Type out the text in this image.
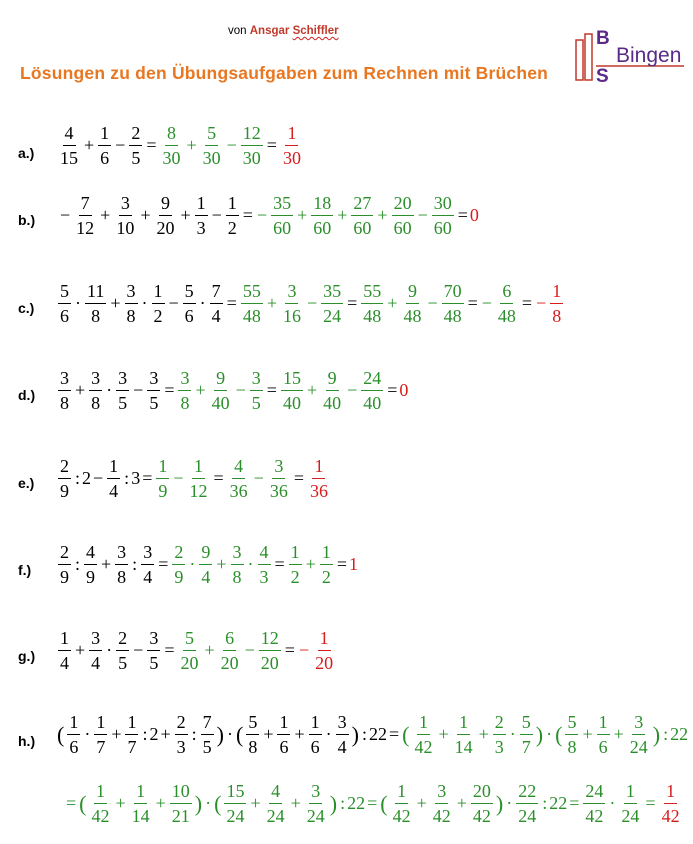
von Ansgar Schiffler
Lösungen zu den Übungsaufgaben zum Rechnen mit Brüchen
B
S
Bingen
$a.) \frac{4}{15} + \frac{1}{6} - \frac{2}{5} = \frac{8}{30} + \frac{5}{30} - \frac{12}{30} = \frac{1}{30}$
$b.) - \frac{7}{12} + \frac{3}{10} + \frac{9}{20} + \frac{1}{3} - \frac{1}{2}$ = − $\frac{35}{60} + \frac{18}{60} + \frac{27}{60} + \frac{20}{60} - \frac{30}{60} = 0$
$c.) \frac{5}{6} \cdot \frac{11}{8} + \frac{3}{8} \cdot \frac{1}{2} - \frac{5}{6} \cdot \frac{7}{4} = \frac{55}{48} + \frac{3}{16} - \frac{35}{24} = \frac{55}{48} + \frac{9}{48} - \frac{70}{48}$ = − $\frac{6}{48}$ = − $\frac{1}{8}$
$d.) \frac{3}{8} + \frac{3}{8} \cdot \frac{3}{5} - \frac{3}{5} = \frac{3}{8} + \frac{9}{40} - \frac{3}{5} = \frac{15}{40} + \frac{9}{40} - \frac{24}{40} = 0$
$e.) \frac{2}{9}$ : $2 - \frac{1}{4}$ : $3 = \frac{1}{9} - \frac{1}{12} = \frac{4}{36} - \frac{3}{36} = \frac{1}{36}$
$f.) \frac{2}{9}$ : $\frac{4}{9} + \frac{3}{8}$ : $\frac{3}{4} = \frac{2}{9} \cdot \frac{9}{4} + \frac{3}{8} \cdot \frac{4}{3} = \frac{1}{2} + \frac{1}{2} = 1$
$g.) \frac{1}{4} + \frac{3}{4} \cdot \frac{2}{5} - \frac{3}{5} = \frac{5}{20} + \frac{6}{20} - \frac{12}{20}$ = − $\frac{1}{20}$
h.) ( $\frac{1}{6} \cdot \frac{1}{7} + \frac{1}{7}$ : $2 + \frac{2}{3}$ : $\frac{7}{5}$ ) · ( $\frac{5}{8} + \frac{1}{6} + \frac{1}{6} \cdot \frac{3}{4}$ ) : 22 = ( $\frac{1}{42} + \frac{1}{14} + \frac{2}{3} \cdot \frac{5}{7}$ ) · ( $\frac{5}{8} + \frac{1}{6} + \frac{3}{24}$ ) : 22
= ( $\frac{1}{42} + \frac{1}{14} + \frac{10}{21}$ ) · ( $\frac{15}{24} + \frac{4}{24} + \frac{3}{24}$ ) : 22 = ( $\frac{1}{42} + \frac{3}{42} + \frac{20}{42}$ ) · $\frac{22}{24}$ : $22 = \frac{24}{42} \cdot \frac{1}{24} = \frac{1}{42}$
